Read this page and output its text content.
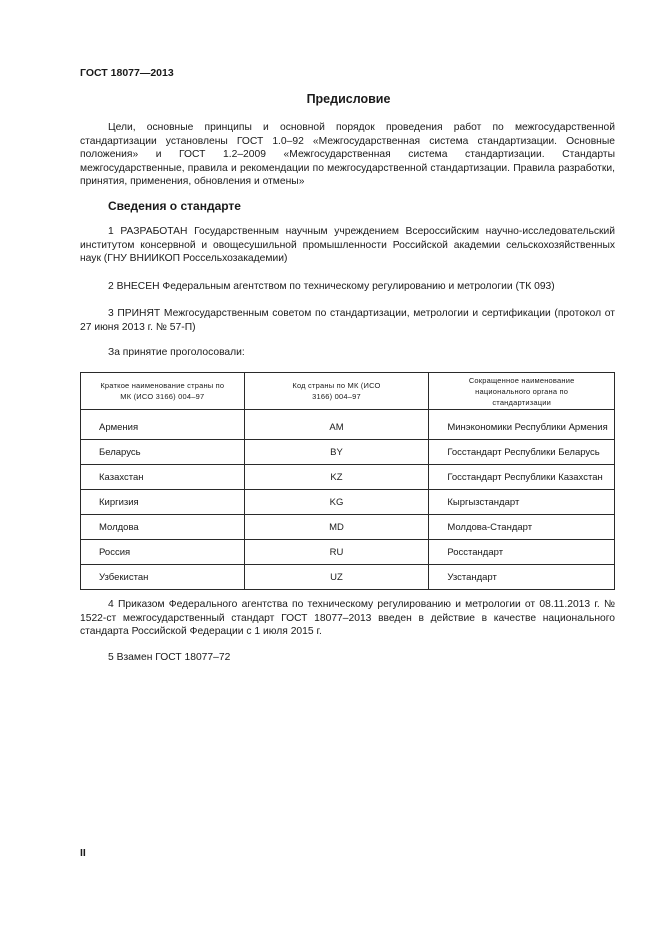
ГОСТ 18077—2013
Предисловие
Цели, основные принципы и основной порядок проведения работ по межгосударственной стандартизации установлены ГОСТ 1.0–92 «Межгосударственная система стандартизации. Основные положения» и ГОСТ 1.2–2009 «Межгосударственная система стандартизации. Стандарты межгосударственные, правила и рекомендации по межгосударственной стандартизации. Правила разработки, принятия, применения, обновления и отмены»
Сведения о стандарте
1 РАЗРАБОТАН Государственным научным учреждением Всероссийским научно-исследовательский институтом консервной и овощесушильной промышленности Российской академии сельскохозяйственных наук (ГНУ ВНИИКОП Россельхозакадемии)
2 ВНЕСЕН Федеральным агентством по техническому регулированию и метрологии (ТК 093)
3 ПРИНЯТ Межгосударственным советом по стандартизации, метрологии и сертификации (протокол от 27 июня 2013 г. № 57-П)
За принятие проголосовали:
Краткое наименование страны по МК (ИСО 3166) 004–97	Код страны по МК (ИСО 3166) 004–97	Сокращенное наименование национального органа по стандартизации

Армения	AM	Минэкономики Республики Армения
Беларусь	BY	Госстандарт Республики Беларусь
Казахстан	KZ	Госстандарт Республики Казахстан
Киргизия	KG	Кыргызстандарт
Молдова	MD	Молдова-Стандарт
Россия	RU	Росстандарт
Узбекистан	UZ	Узстандарт
4 Приказом Федерального агентства по техническому регулированию и метрологии от 08.11.2013 г. № 1522-ст межгосударственный стандарт ГОСТ 18077–2013 введен в действие в качестве национального стандарта Российской Федерации с 1 июля 2015 г.
5 Взамен ГОСТ 18077–72
II
